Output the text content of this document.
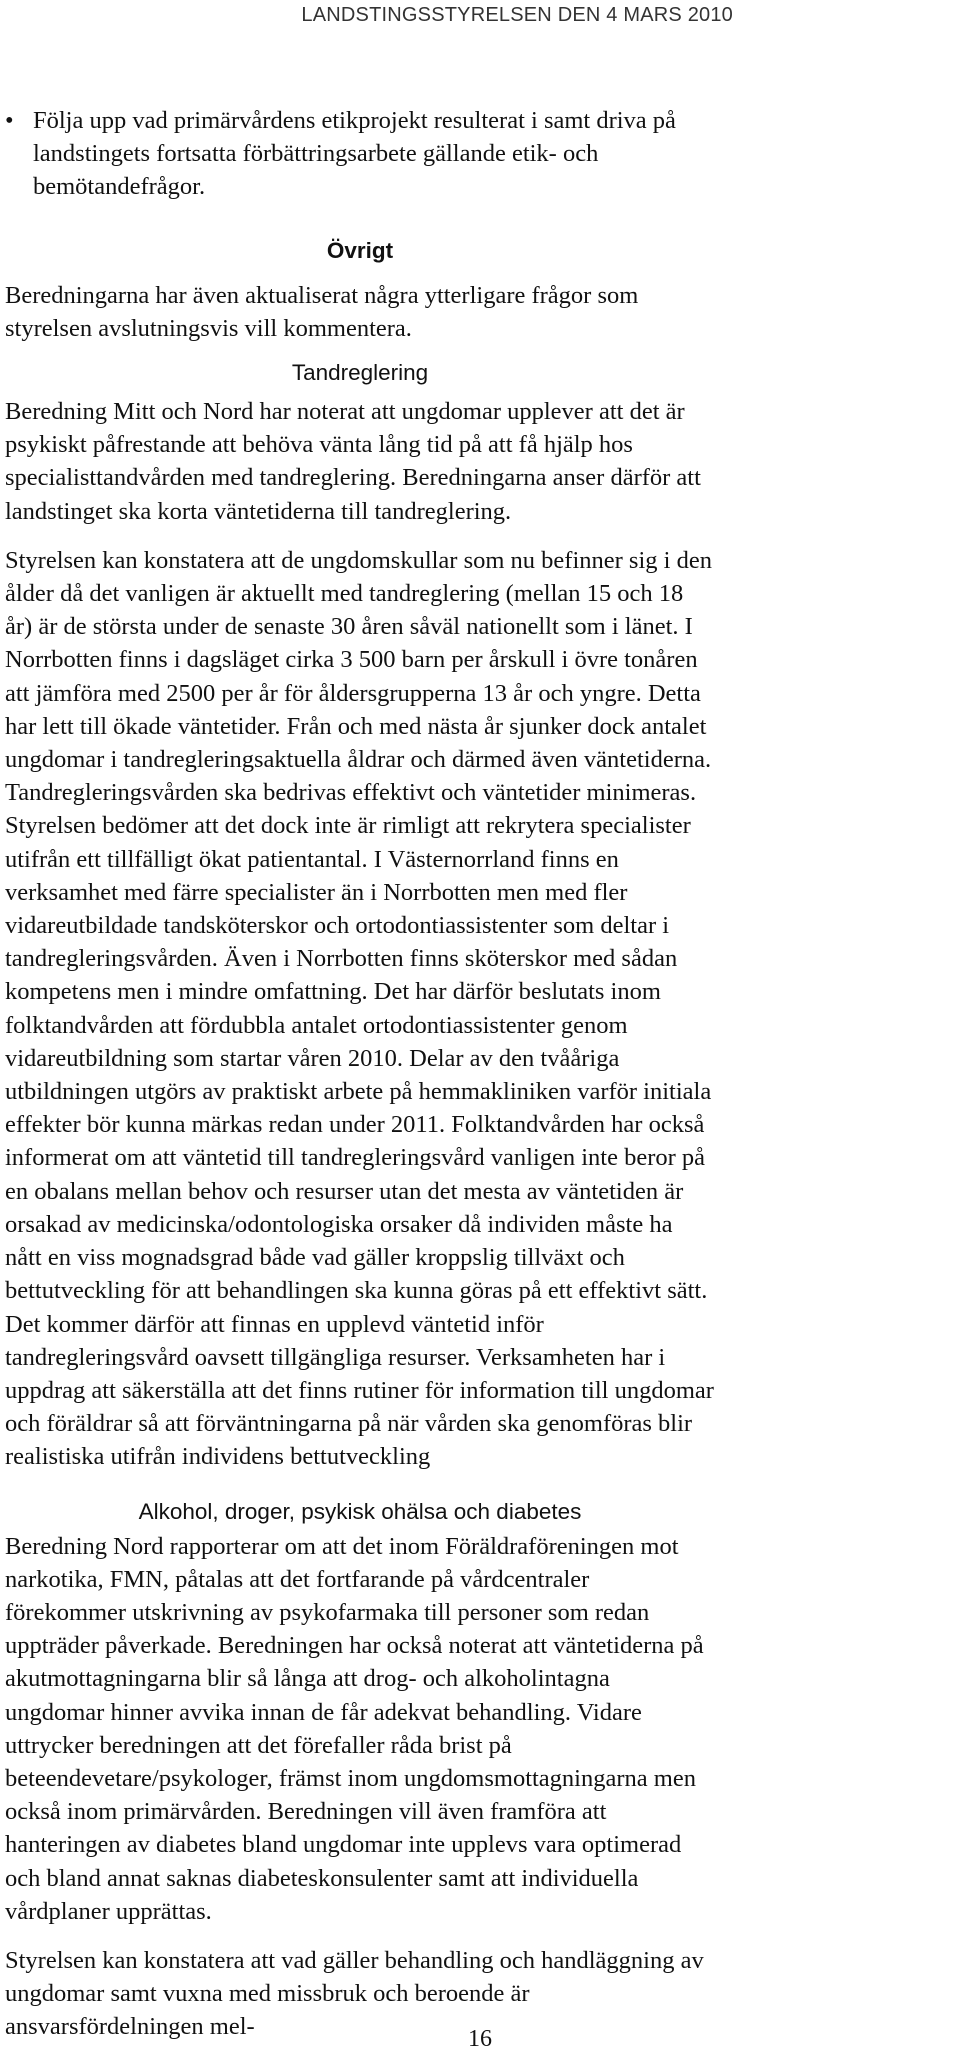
LANDSTINGSSTYRELSEN DEN 4 MARS 2010

• Följa upp vad primärvårdens etikprojekt resulterat i samt driva på landstingets fortsatta förbättringsarbete gällande etik- och bemötandefrågor.

Övrigt

Beredningarna har även aktualiserat några ytterligare frågor som styrelsen avslutningsvis vill kommentera.

Tandreglering

Beredning Mitt och Nord har noterat att ungdomar upplever att det är psykiskt påfrestande att behöva vänta lång tid på att få hjälp hos specialisttandvården med tandreglering. Beredningarna anser därför att landstinget ska korta väntetiderna till tandreglering.

Styrelsen kan konstatera att de ungdomskullar som nu befinner sig i den ålder då det vanligen är aktuellt med tandreglering (mellan 15 och 18 år) är de största under de senaste 30 åren såväl nationellt som i länet. I Norrbotten finns i dagsläget cirka 3 500 barn per årskull i övre tonåren att jämföra med 2500 per år för åldersgrupperna 13 år och yngre. Detta har lett till ökade väntetider. Från och med nästa år sjunker dock antalet ungdomar i tandregleringsaktuella åldrar och därmed även väntetiderna. Tandregleringsvården ska bedrivas effektivt och väntetider minimeras. Styrelsen bedömer att det dock inte är rimligt att rekrytera specialister utifrån ett tillfälligt ökat patientantal. I Västernorrland finns en verksamhet med färre specialister än i Norrbotten men med fler vidareutbildade tandsköterskor och ortodontiassistenter som deltar i tandregleringsvården. Även i Norrbotten finns sköterskor med sådan kompetens men i mindre omfattning. Det har därför beslutats inom folktandvården att fördubbla antalet ortodontiassistenter genom vidareutbildning som startar våren 2010. Delar av den tvååriga utbildningen utgörs av praktiskt arbete på hemmakliniken varför initiala effekter bör kunna märkas redan under 2011. Folktandvården har också informerat om att väntetid till tandregleringsvård vanligen inte beror på en obalans mellan behov och resurser utan det mesta av väntetiden är orsakad av medicinska/odontologiska orsaker då individen måste ha nått en viss mognadsgrad både vad gäller kroppslig tillväxt och bettutveckling för att behandlingen ska kunna göras på ett effektivt sätt. Det kommer därför att finnas en upplevd väntetid inför tandregleringsvård oavsett tillgängliga resurser. Verksamheten har i uppdrag att säkerställa att det finns rutiner för information till ungdomar och föräldrar så att förväntningarna på när vården ska genomföras blir realistiska utifrån individens bettutveckling

Alkohol, droger, psykisk ohälsa och diabetes

Beredning Nord rapporterar om att det inom Föräldraföreningen mot narkotika, FMN, påtalas att det fortfarande på vårdcentraler förekommer utskrivning av psykofarmaka till personer som redan uppträder påverkade. Beredningen har också noterat att väntetiderna på akutmottagningarna blir så långa att drog- och alkoholintagna ungdomar hinner avvika innan de får adekvat behandling. Vidare uttrycker beredningen att det förefaller råda brist på beteendevetare/psykologer, främst inom ungdomsmottagningarna men också inom primärvården. Beredningen vill även framföra att hanteringen av diabetes bland ungdomar inte upplevs vara optimerad och bland annat saknas diabeteskonsulenter samt att individuella vårdplaner upprättas.

Styrelsen kan konstatera att vad gäller behandling och handläggning av ungdomar samt vuxna med missbruk och beroende är ansvarsfördelningen mel-	16
